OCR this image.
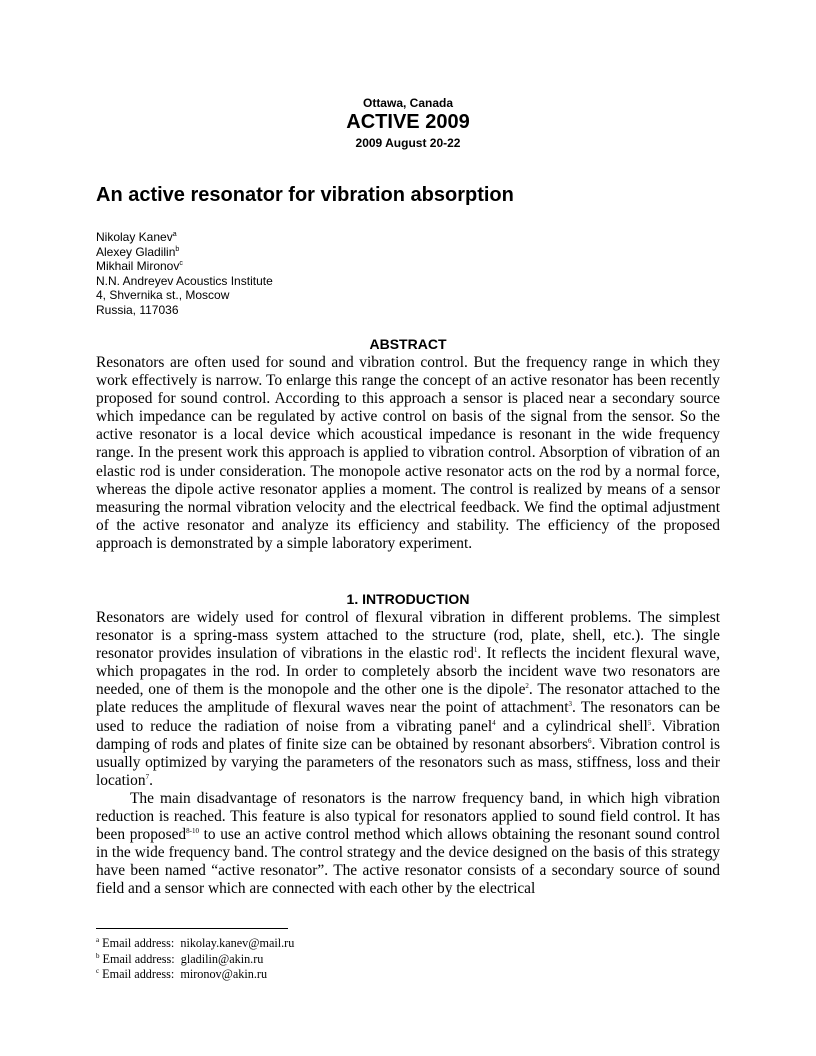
Ottawa, Canada
ACTIVE 2009
2009 August 20-22
An active resonator for vibration absorption
Nikolay Kanev$^a$
Alexey Gladilin$^b$
Mikhail Mironov$^c$
N.N. Andreyev Acoustics Institute
4, Shvernika st., Moscow
Russia, 117036
ABSTRACT

Resonators are often used for sound and vibration control. But the frequency range in which they work effectively is narrow. To enlarge this range the concept of an active resonator has been recently proposed for sound control. According to this approach a sensor is placed near a secondary source which impedance can be regulated by active control on basis of the signal from the sensor. So the active resonator is a local device which acoustical impedance is resonant in the wide frequency range. In the present work this approach is applied to vibration control. Absorption of vibration of an elastic rod is under consideration. The monopole active resonator acts on the rod by a normal force, whereas the dipole active resonator applies a moment. The control is realized by means of a sensor measuring the normal vibration velocity and the electrical feedback. We find the optimal adjustment of the active resonator and analyze its efficiency and stability. The efficiency of the proposed approach is demonstrated by a simple laboratory experiment.

1. INTRODUCTION

Resonators are widely used for control of flexural vibration in different problems. The simplest resonator is a spring-mass system attached to the structure (rod, plate, shell, etc.). The single resonator provides insulation of vibrations in the elastic rod$^1$. It reflects the incident flexural wave, which propagates in the rod. In order to completely absorb the incident wave two resonators are needed, one of them is the monopole and the other one is the dipole$^2$. The resonator attached to the plate reduces the amplitude of flexural waves near the point of attachment$^3$. The resonators can be used to reduce the radiation of noise from a vibrating panel$^4$ and a cylindrical shell$^5$. Vibration damping of rods and plates of finite size can be obtained by resonant absorbers$^6$. Vibration control is usually optimized by varying the parameters of the resonators such as mass, stiffness, loss and their location$^7$.

The main disadvantage of resonators is the narrow frequency band, in which high vibration reduction is reached. This feature is also typical for resonators applied to sound field control. It has been proposed$^{8-10}$ to use an active control method which allows obtaining the resonant sound control in the wide frequency band. The control strategy and the device designed on the basis of this strategy have been named “active resonator”. The active resonator consists of a secondary source of sound field and a sensor which are connected with each other by the electrical

$^a$ Email address: nikolay.kanev@mail.ru
$^b$ Email address: gladilin@akin.ru
$^c$ Email address: mironov@akin.ru
